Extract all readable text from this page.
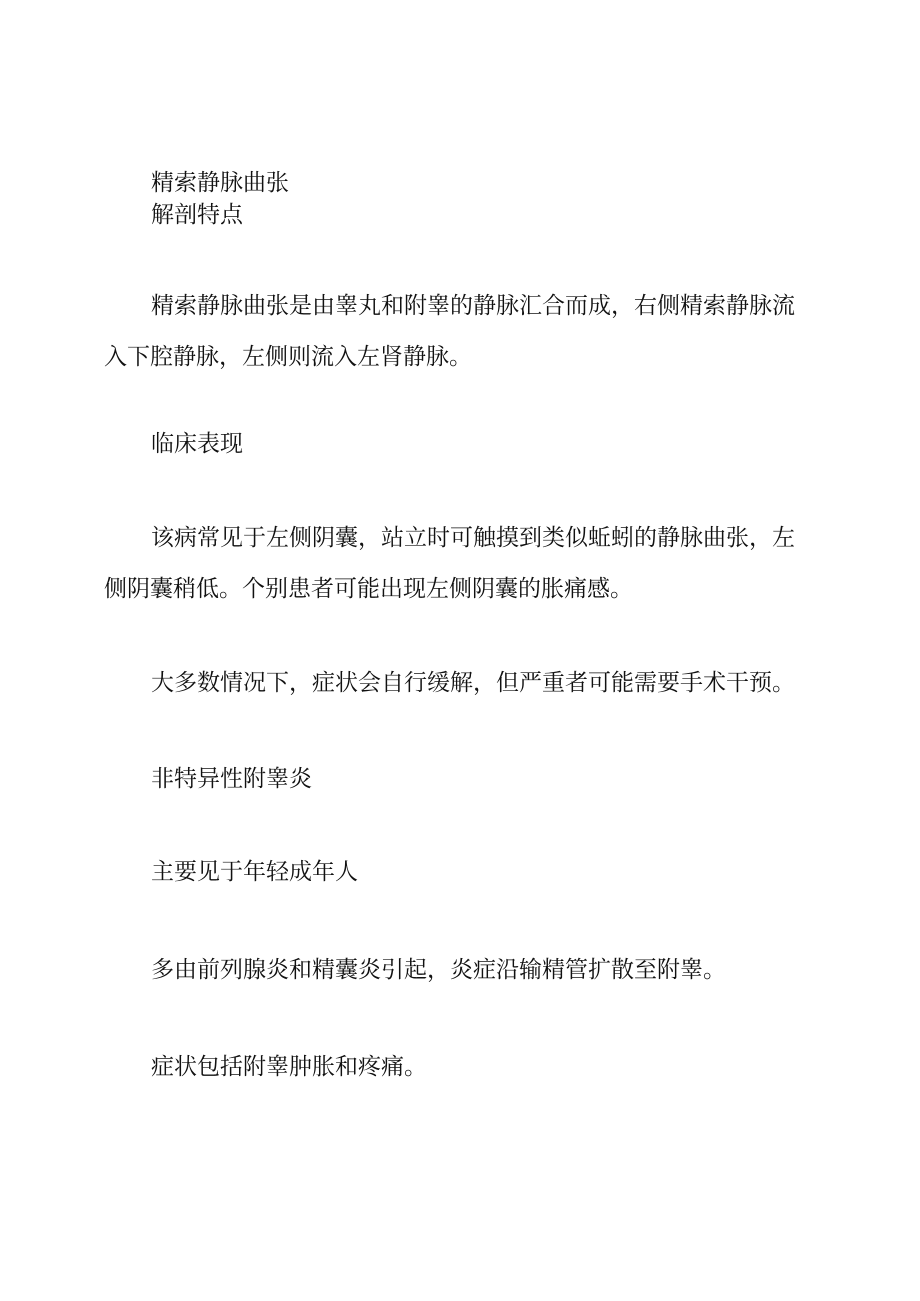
精索静脉曲张
解剖特点

精索静脉曲张是由睾丸和附睾的静脉汇合而成，右侧精索静脉流入下腔静脉，左侧则流入左肾静脉。

临床表现

该病常见于左侧阴囊，站立时可触摸到类似蚯蚓的静脉曲张，左侧阴囊稍低。个别患者可能出现左侧阴囊的胀痛感。

大多数情况下，症状会自行缓解，但严重者可能需要手术干预。
非特异性附睾炎
主要见于年轻成年人
多由前列腺炎和精囊炎引起，炎症沿输精管扩散至附睾。
症状包括附睾肿胀和疼痛。
